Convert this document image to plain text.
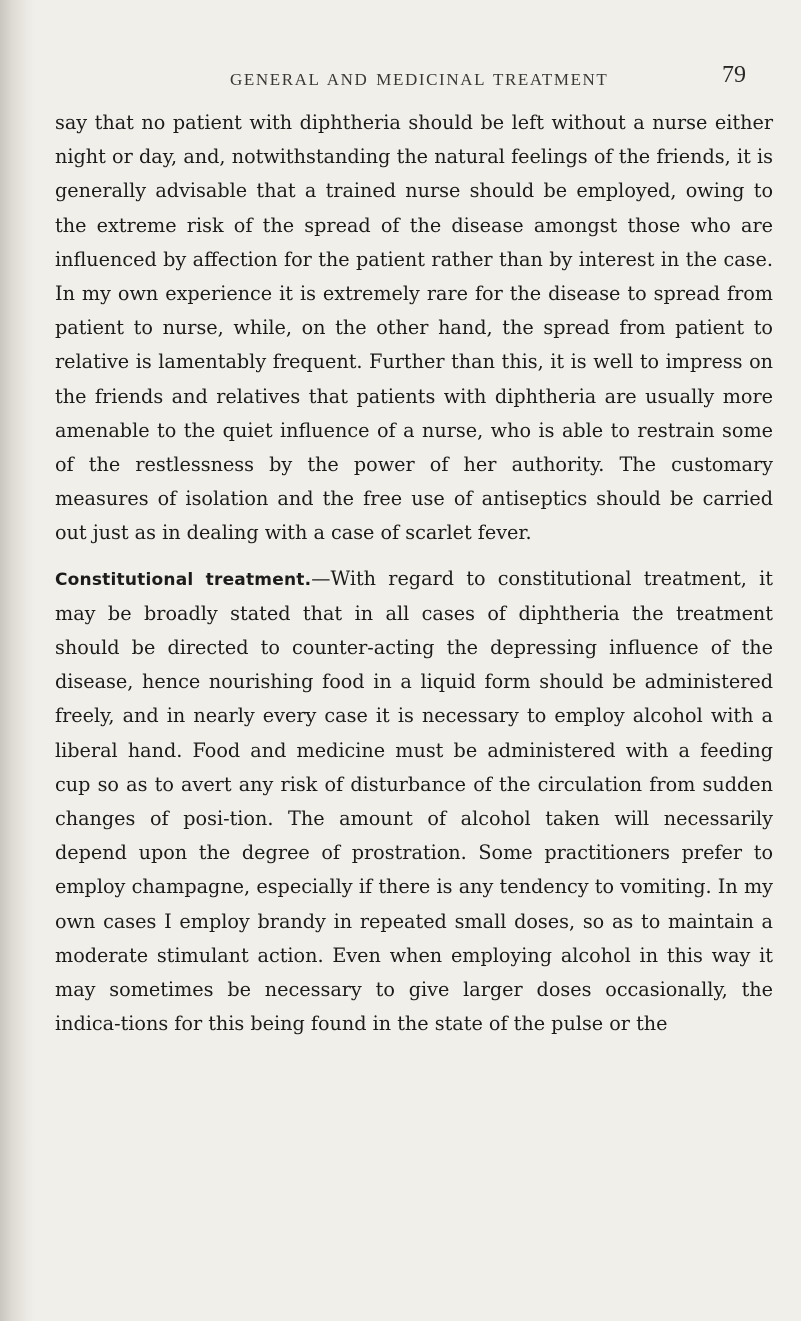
GENERAL AND MEDICINAL TREATMENT	79

say that no patient with diphtheria should be left without a nurse either night or day, and, notwithstanding the natural feelings of the friends, it is generally advisable that a trained nurse should be employed, owing to the extreme risk of the spread of the disease amongst those who are influenced by affection for the patient rather than by interest in the case. In my own experience it is extremely rare for the disease to spread from patient to nurse, while, on the other hand, the spread from patient to relative is lamentably frequent. Further than this, it is well to impress on the friends and relatives that patients with diphtheria are usually more amenable to the quiet influence of a nurse, who is able to restrain some of the restlessness by the power of her authority. The customary measures of isolation and the free use of antiseptics should be carried out just as in dealing with a case of scarlet fever.

Constitutional treatment.—With regard to constitutional treatment, it may be broadly stated that in all cases of diphtheria the treatment should be directed to counter-acting the depressing influence of the disease, hence nourishing food in a liquid form should be administered freely, and in nearly every case it is necessary to employ alcohol with a liberal hand. Food and medicine must be administered with a feeding cup so as to avert any risk of disturbance of the circulation from sudden changes of posi-tion. The amount of alcohol taken will necessarily depend upon the degree of prostration. Some practitioners prefer to employ champagne, especially if there is any tendency to vomiting. In my own cases I employ brandy in repeated small doses, so as to maintain a moderate stimulant action. Even when employing alcohol in this way it may sometimes be necessary to give larger doses occasionally, the indica-tions for this being found in the state of the pulse or the
